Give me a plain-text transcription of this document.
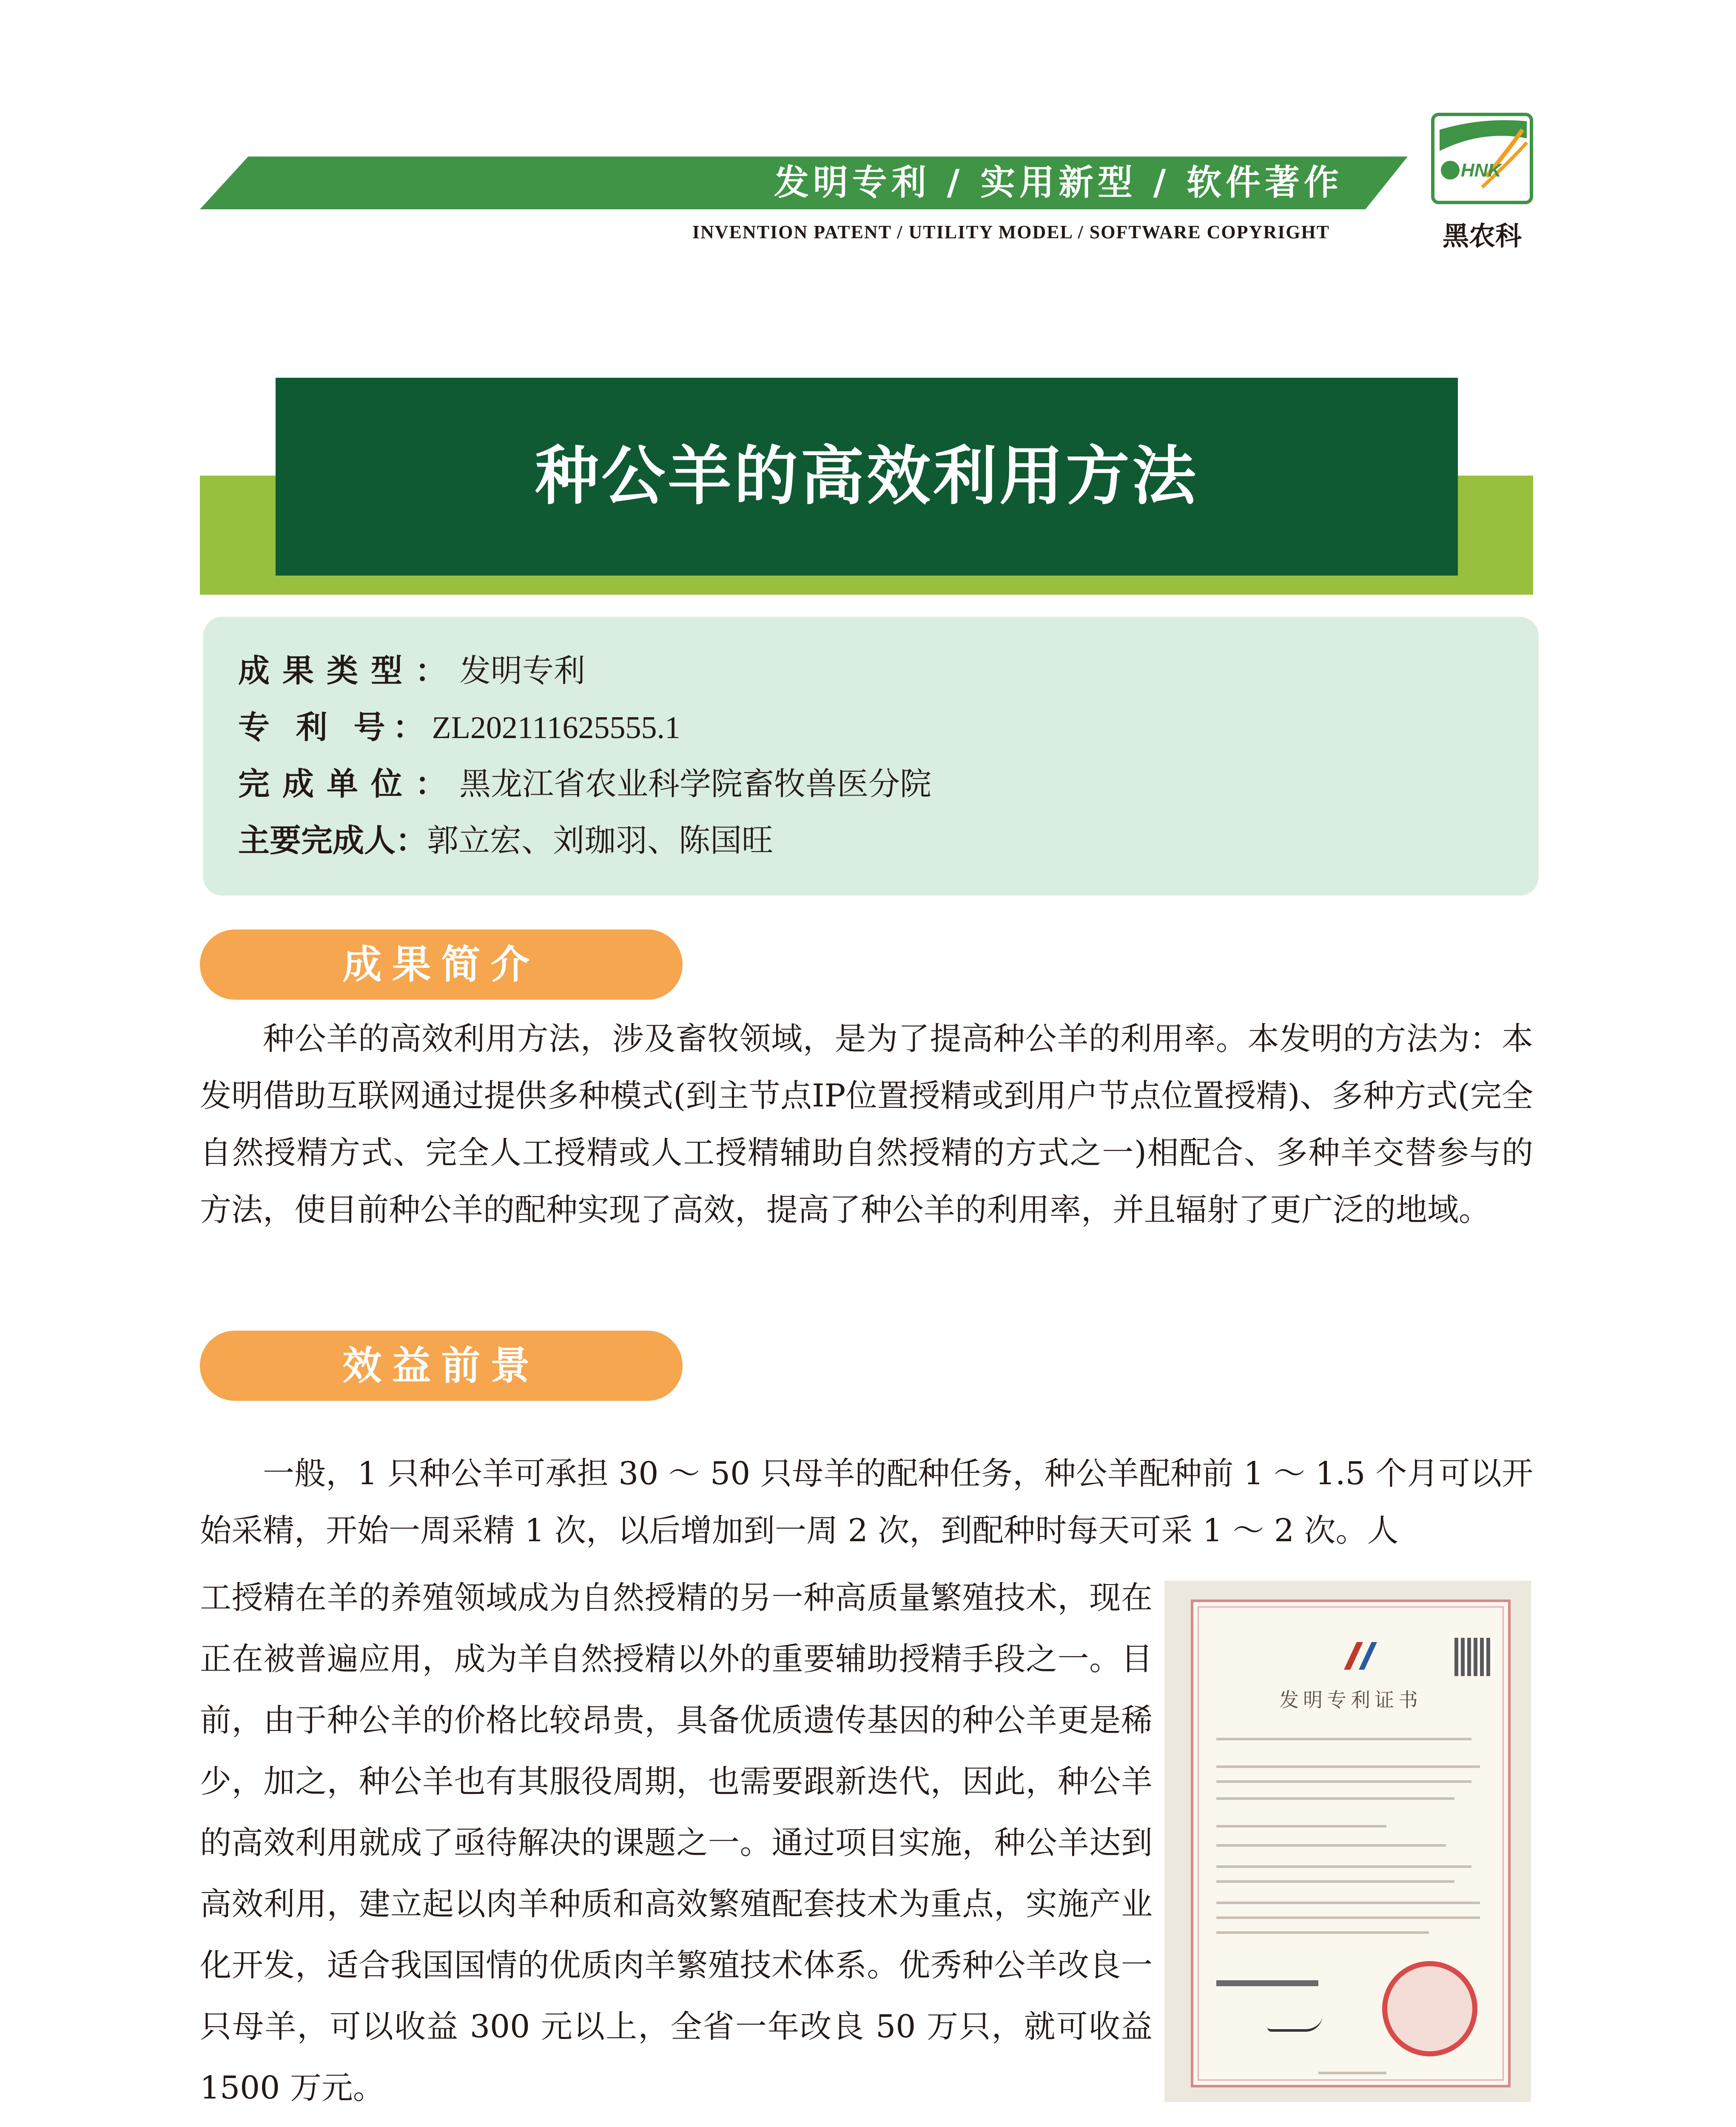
发明专利 / 实用新型 / 软件著作
INVENTION PATENT / UTILITY MODEL / SOFTWARE COPYRIGHT
HNK
黑农科
种公羊的高效利用方法
成果类型：发明专利
专 利 号：ZL202111625555.1
完成单位：黑龙江省农业科学院畜牧兽医分院
主要完成人：郭立宏、刘珈羽、陈国旺
成果简介

种公羊的高效利用方法，涉及畜牧领域，是为了提高种公羊的利用率。本发明的方法为：本发明借助互联网通过提供多种模式(到主节点IP位置授精或到用户节点位置授精)、多种方式(完全自然授精方式、完全人工授精或人工授精辅助自然授精的方式之一)相配合、多种羊交替参与的方法，使目前种公羊的配种实现了高效，提高了种公羊的利用率，并且辐射了更广泛的地域。

效益前景

一般，1 只种公羊可承担 30 ～ 50 只母羊的配种任务，种公羊配种前 1 ～ 1.5 个月可以开始采精，开始一周采精 1 次，以后增加到一周 2 次，到配种时每天可采 1 ～ 2 次。人

工授精在羊的养殖领域成为自然授精的另一种高质量繁殖技术，现在正在被普遍应用，成为羊自然授精以外的重要辅助授精手段之一。目前，由于种公羊的价格比较昂贵，具备优质遗传基因的种公羊更是稀少，加之，种公羊也有其服役周期，也需要跟新迭代，因此，种公羊的高效利用就成了亟待解决的课题之一。通过项目实施，种公羊达到高效利用，建立起以肉羊种质和高效繁殖配套技术为重点，实施产业化开发，适合我国国情的优质肉羊繁殖技术体系。优秀种公羊改良一只母羊，可以收益 300 元以上，全省一年改良 50 万只，就可收益 1500 万元。

发明专利证书
